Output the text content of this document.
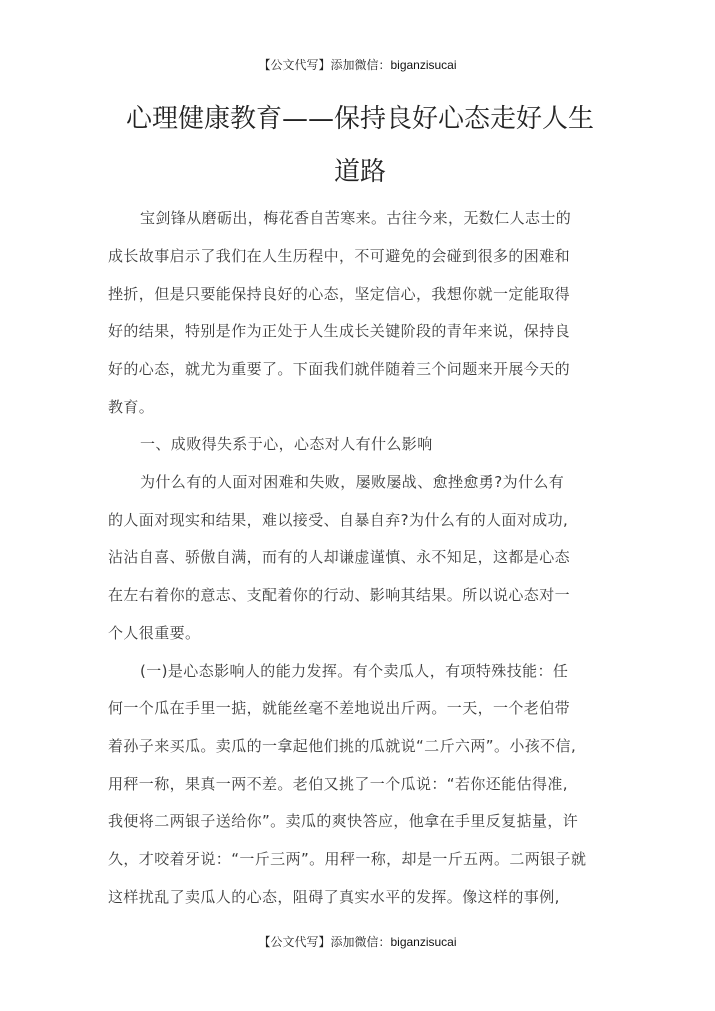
【公文代写】添加微信：biganzisucai
心理健康教育——保持良好心态走好人生
道路
宝剑锋从磨砺出，梅花香自苦寒来。古往今来，无数仁人志士的
成长故事启示了我们在人生历程中，不可避免的会碰到很多的困难和
挫折，但是只要能保持良好的心态，坚定信心，我想你就一定能取得
好的结果，特别是作为正处于人生成长关键阶段的青年来说，保持良
好的心态，就尤为重要了。下面我们就伴随着三个问题来开展今天的
教育。
一、成败得失系于心，心态对人有什么影响
为什么有的人面对困难和失败，屡败屡战、愈挫愈勇?为什么有
的人面对现实和结果，难以接受、自暴自弃?为什么有的人面对成功,
沾沾自喜、骄傲自满，而有的人却谦虚谨慎、永不知足，这都是心态
在左右着你的意志、支配着你的行动、影响其结果。所以说心态对一
个人很重要。
(一)是心态影响人的能力发挥。有个卖瓜人，有项特殊技能：任
何一个瓜在手里一掂，就能丝毫不差地说出斤两。一天，一个老伯带
着孙子来买瓜。卖瓜的一拿起他们挑的瓜就说“二斤六两”。小孩不信,
用秤一称，果真一两不差。老伯又挑了一个瓜说：“若你还能估得准,
我便将二两银子送给你”。卖瓜的爽快答应，他拿在手里反复掂量，许
久，才咬着牙说：“一斤三两”。用秤一称，却是一斤五两。二两银子就
这样扰乱了卖瓜人的心态，阻碍了真实水平的发挥。像这样的事例,
【公文代写】添加微信：biganzisucai
